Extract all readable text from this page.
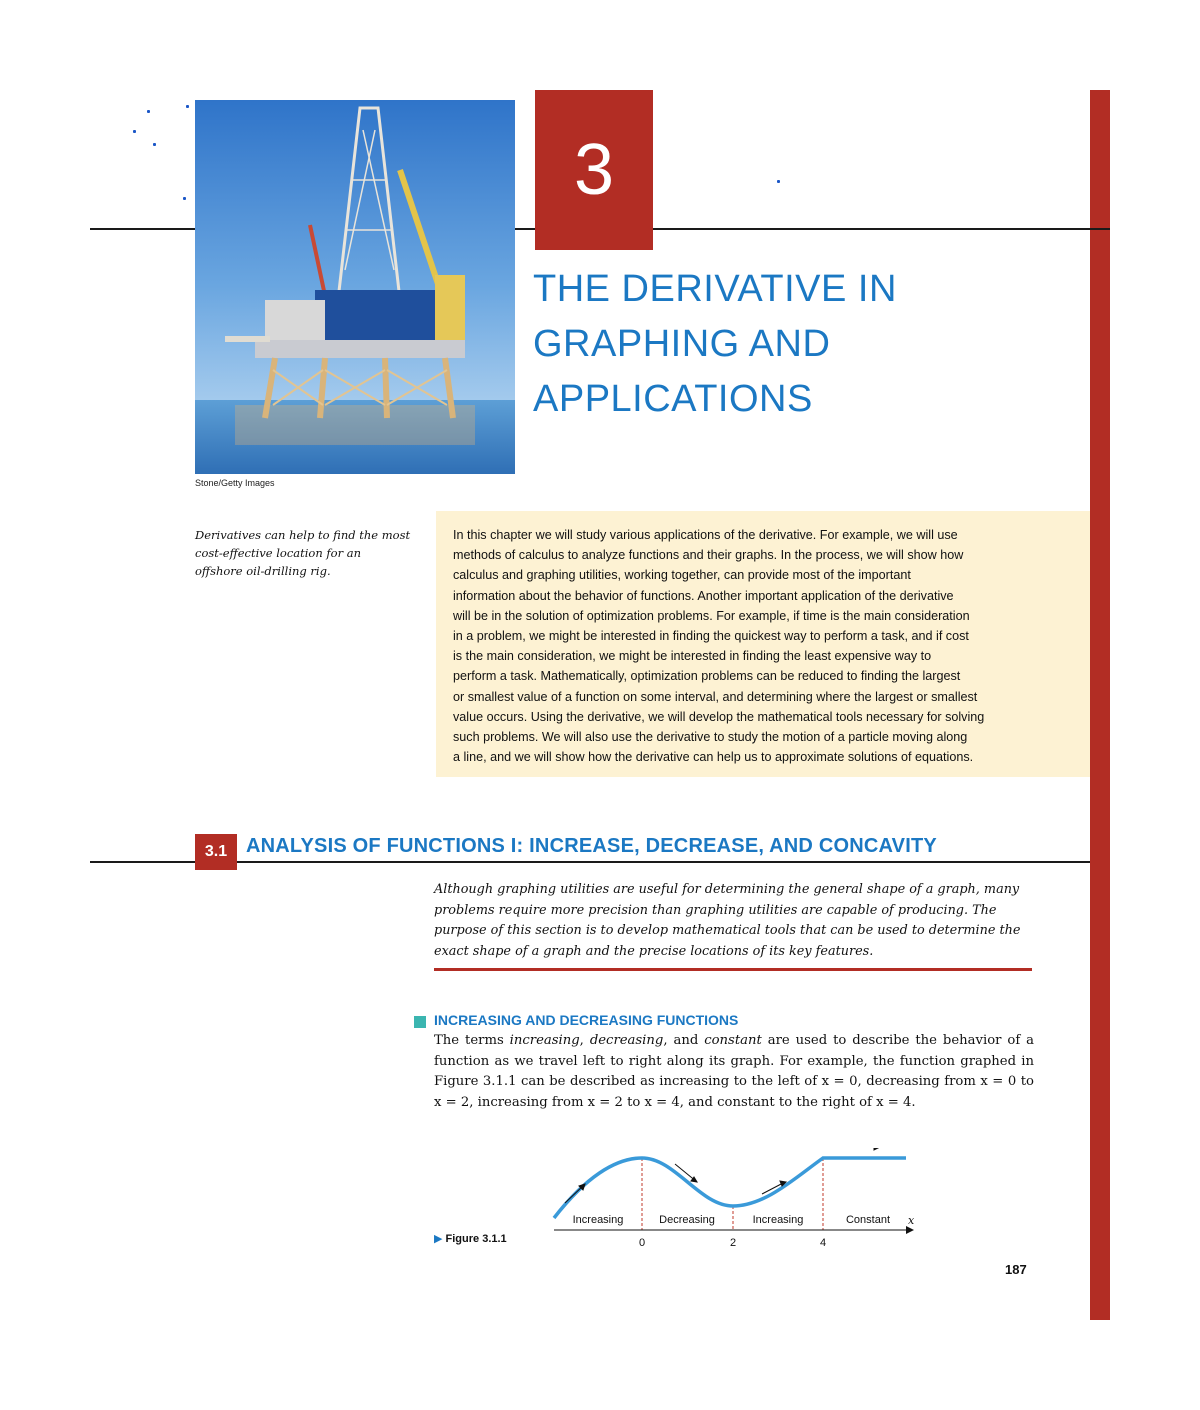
Stone/Getty Images
3
THE DERIVATIVE IN
GRAPHING AND
APPLICATIONS
Derivatives can help to find the most
cost-effective location for an
offshore oil-drilling rig.
In this chapter we will study various applications of the derivative. For example, we will use
methods of calculus to analyze functions and their graphs. In the process, we will show how
calculus and graphing utilities, working together, can provide most of the important
information about the behavior of functions. Another important application of the derivative
will be in the solution of optimization problems. For example, if time is the main consideration
in a problem, we might be interested in finding the quickest way to perform a task, and if cost
is the main consideration, we might be interested in finding the least expensive way to
perform a task. Mathematically, optimization problems can be reduced to finding the largest
or smallest value of a function on some interval, and determining where the largest or smallest
value occurs. Using the derivative, we will develop the mathematical tools necessary for solving
such problems. We will also use the derivative to study the motion of a particle moving along
a line, and we will show how the derivative can help us to approximate solutions of equations.
3.1 ANALYSIS OF FUNCTIONS I: INCREASE, DECREASE, AND CONCAVITY
Although graphing utilities are useful for determining the general shape of a graph, many
problems require more precision than graphing utilities are capable of producing. The
purpose of this section is to develop mathematical tools that can be used to determine the
exact shape of a graph and the precise locations of its key features.
INCREASING AND DECREASING FUNCTIONS
The terms increasing, decreasing, and constant are used to describe the behavior of a function as we travel left to right along its graph. For example, the function graphed in Figure 3.1.1 can be described as increasing to the left of x = 0, decreasing from x = 0 to x = 2, increasing from x = 2 to x = 4, and constant to the right of x = 4.
Increasing	Decreasing	Increasing	Constant x
0	2	4
▶ Figure 3.1.1
187
